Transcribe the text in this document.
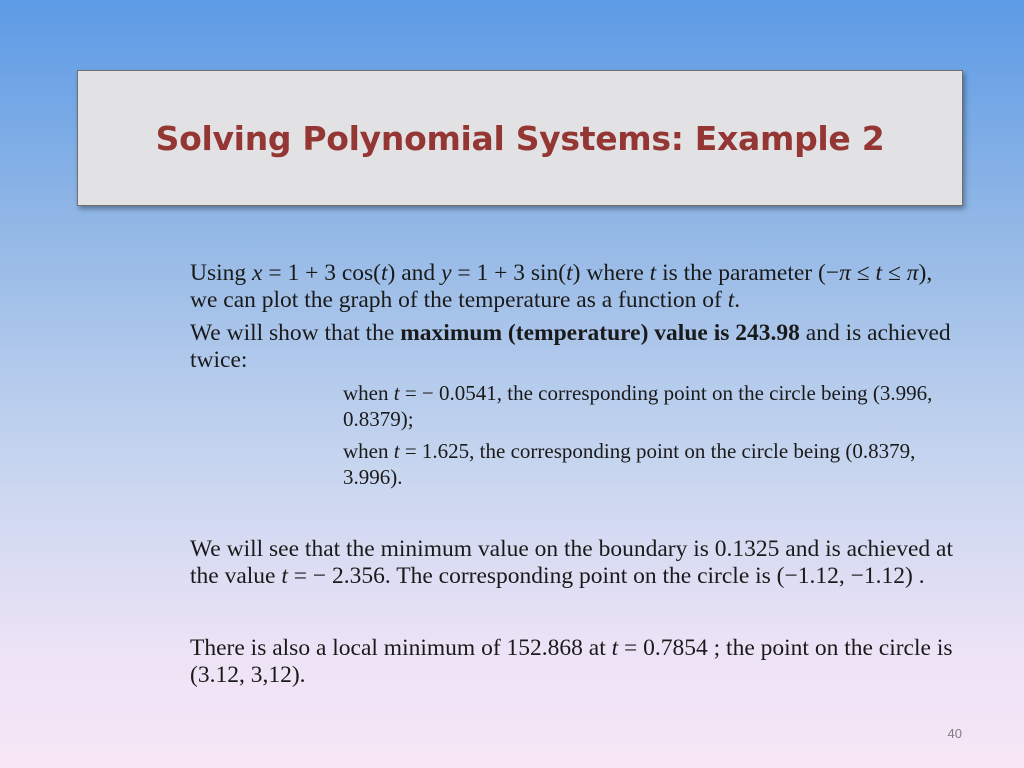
Solving Polynomial Systems: Example 2

Using x = 1 + 3 cos(t) and y = 1 + 3 sin(t) where t is the parameter (−π ≤ t ≤ π), we can plot the graph of the temperature as a function of t.

We will show that the maximum (temperature) value is 243.98 and is achieved twice:

when t = − 0.0541, the corresponding point on the circle being (3.996, 0.8379);

when t = 1.625, the corresponding point on the circle being (0.8379, 3.996).

We will see that the minimum value on the boundary is 0.1325 and is achieved at the value t = − 2.356. The corresponding point on the circle is (−1.12, −1.12) .

There is also a local minimum of 152.868 at t = 0.7854 ; the point on the circle is (3.12, 3,12).

40
